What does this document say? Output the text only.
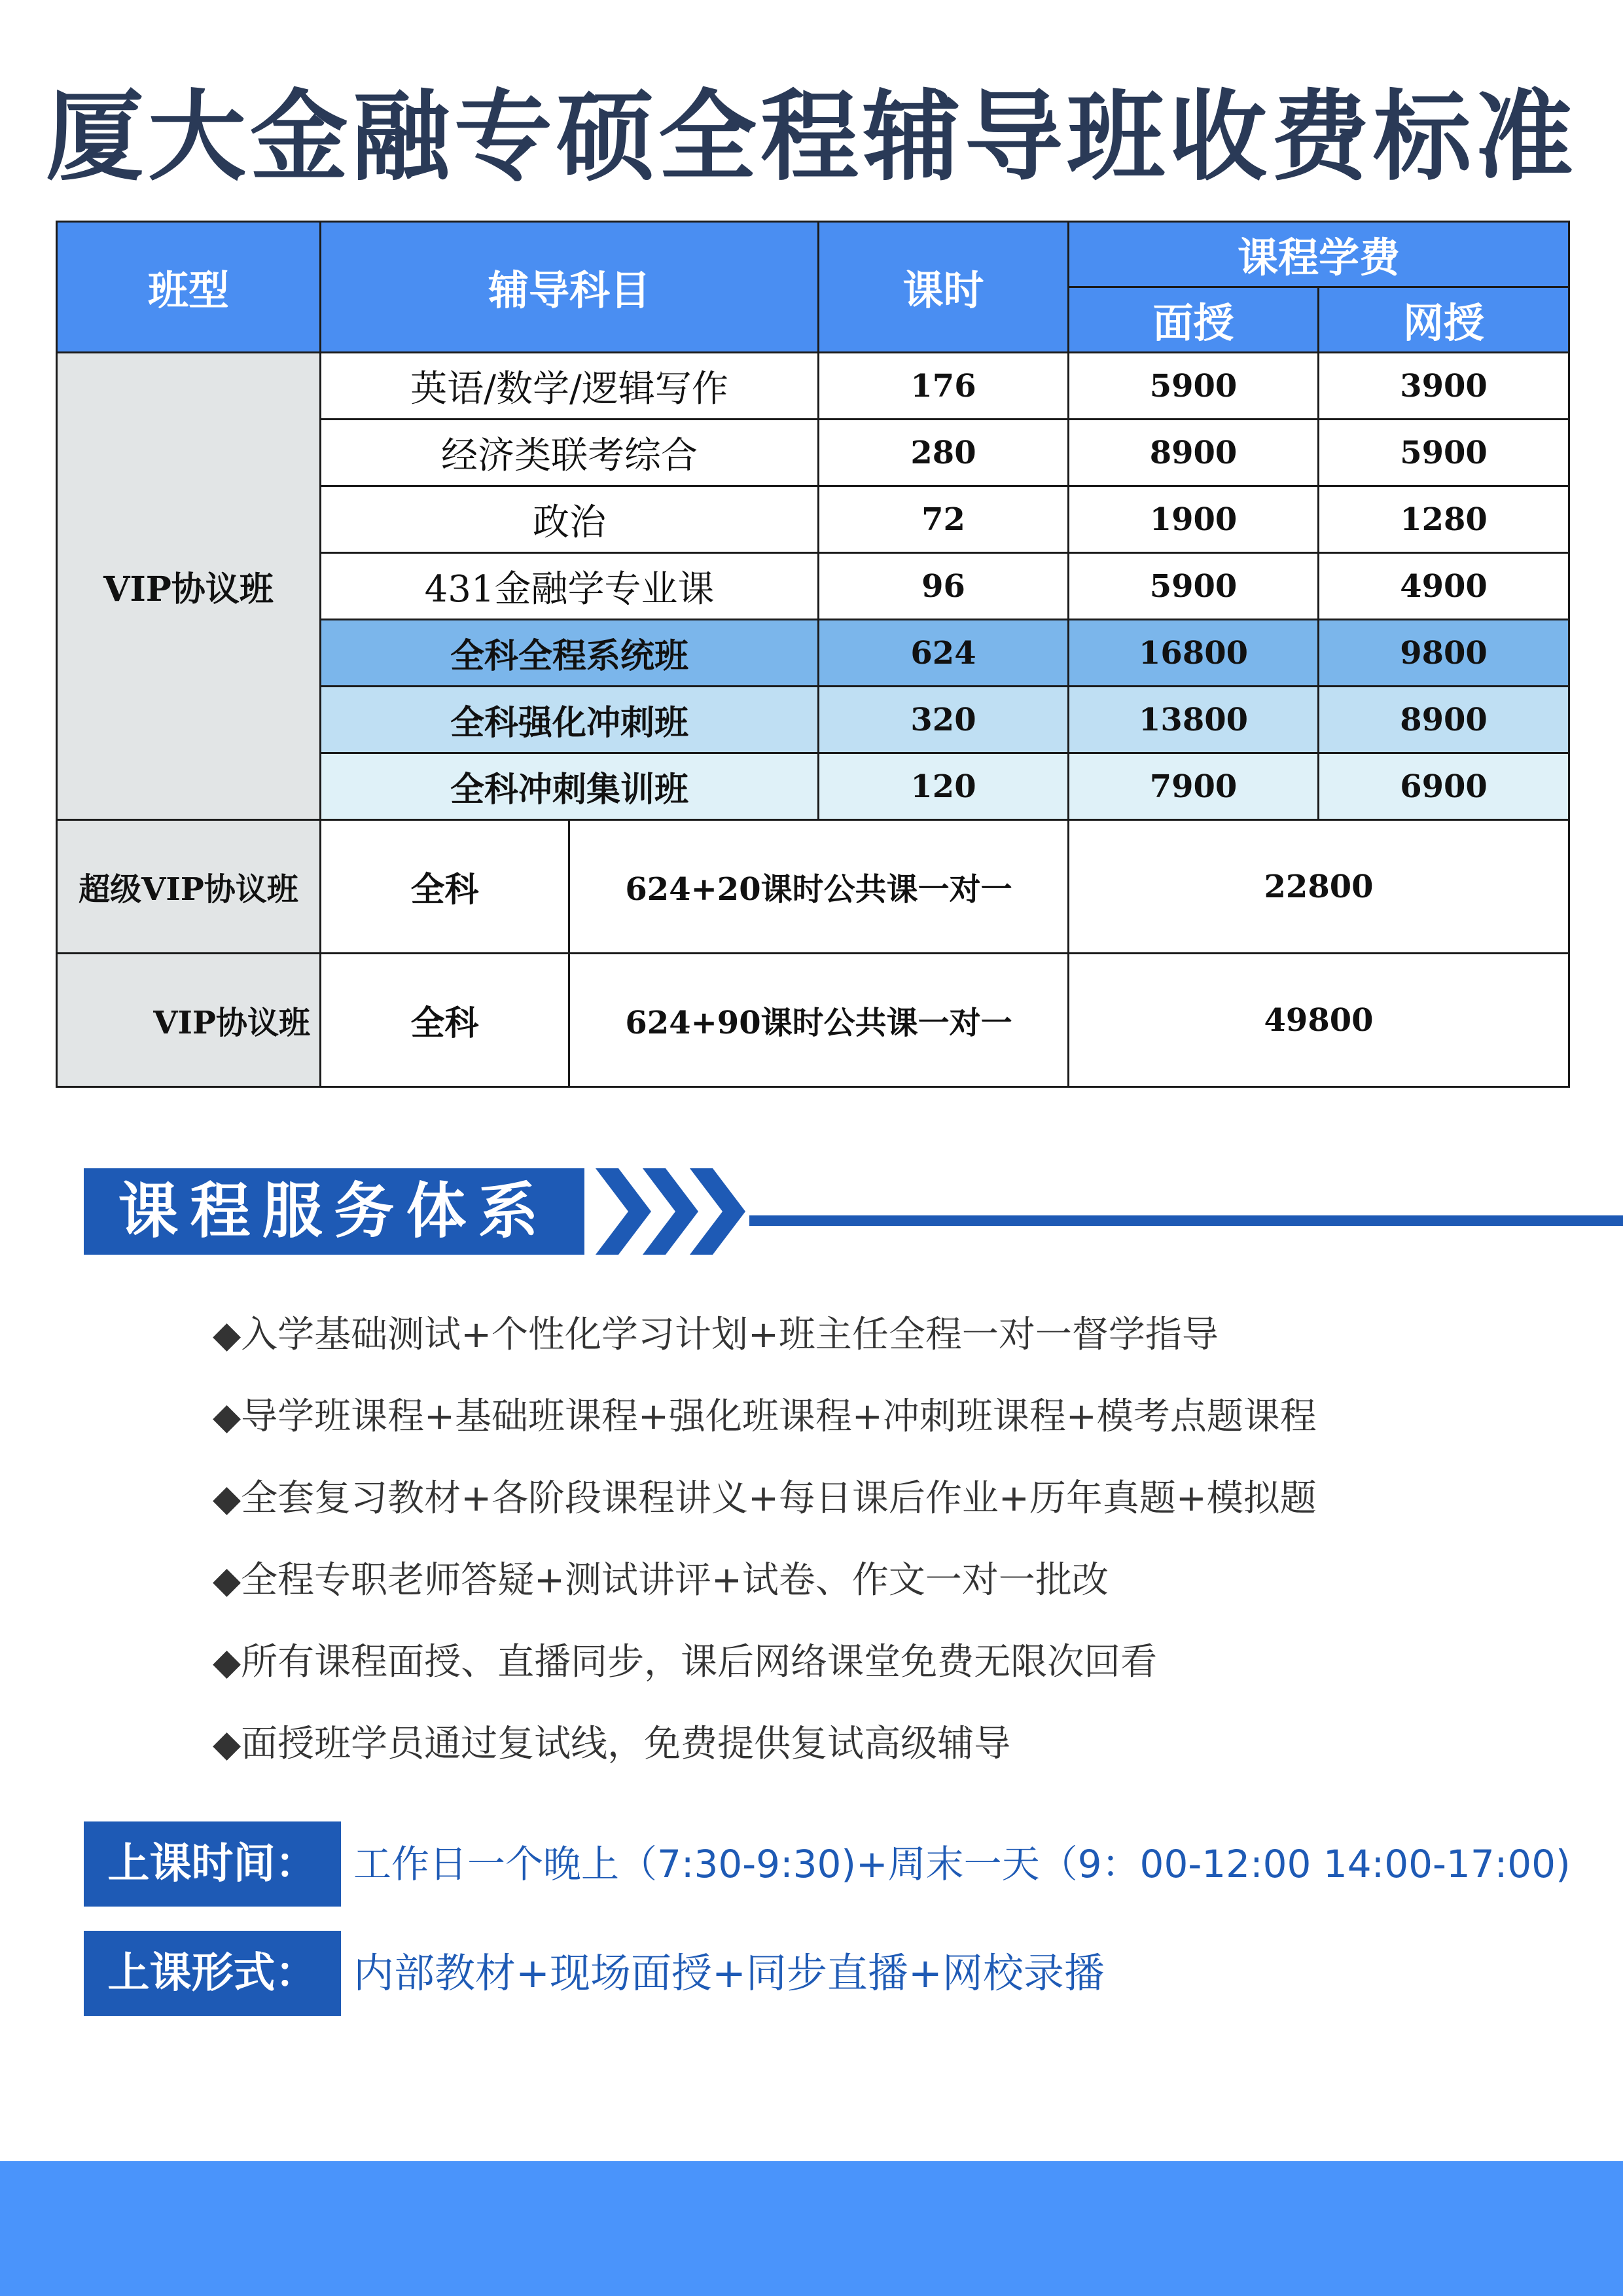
厦大金融专硕全程辅导班收费标准
班型	辅导科目		课时	课程学费	
				面授	网授
VIP协议班	英语/数学/逻辑写作		176	5900	3900
	经济类联考综合		280	8900	5900
	政治		72	1900	1280
	431金融学专业课		96	5900	4900
	全科全程系统班		624	16800	9800
	全科强化冲刺班		320	13800	8900
	全科冲刺集训班		120	7900	6900
超级VIP协议班	全科	624+20课时公共课一对一		22800	
VIP协议班	全科	624+90课时公共课一对一		49800	
课程服务体系
◆入学基础测试+个性化学习计划+班主任全程一对一督学指导
◆导学班课程+基础班课程+强化班课程+冲刺班课程+模考点题课程
◆全套复习教材+各阶段课程讲义+每日课后作业+历年真题+模拟题
◆全程专职老师答疑+测试讲评+试卷、作文一对一批改
◆所有课程面授、直播同步，课后网络课堂免费无限次回看
◆面授班学员通过复试线，免费提供复试高级辅导
上课时间： 工作日一个晚上（7:30-9:30)+周末一天（9：00-12:00 14:00-17:00)
上课形式： 内部教材+现场面授+同步直播+网校录播
